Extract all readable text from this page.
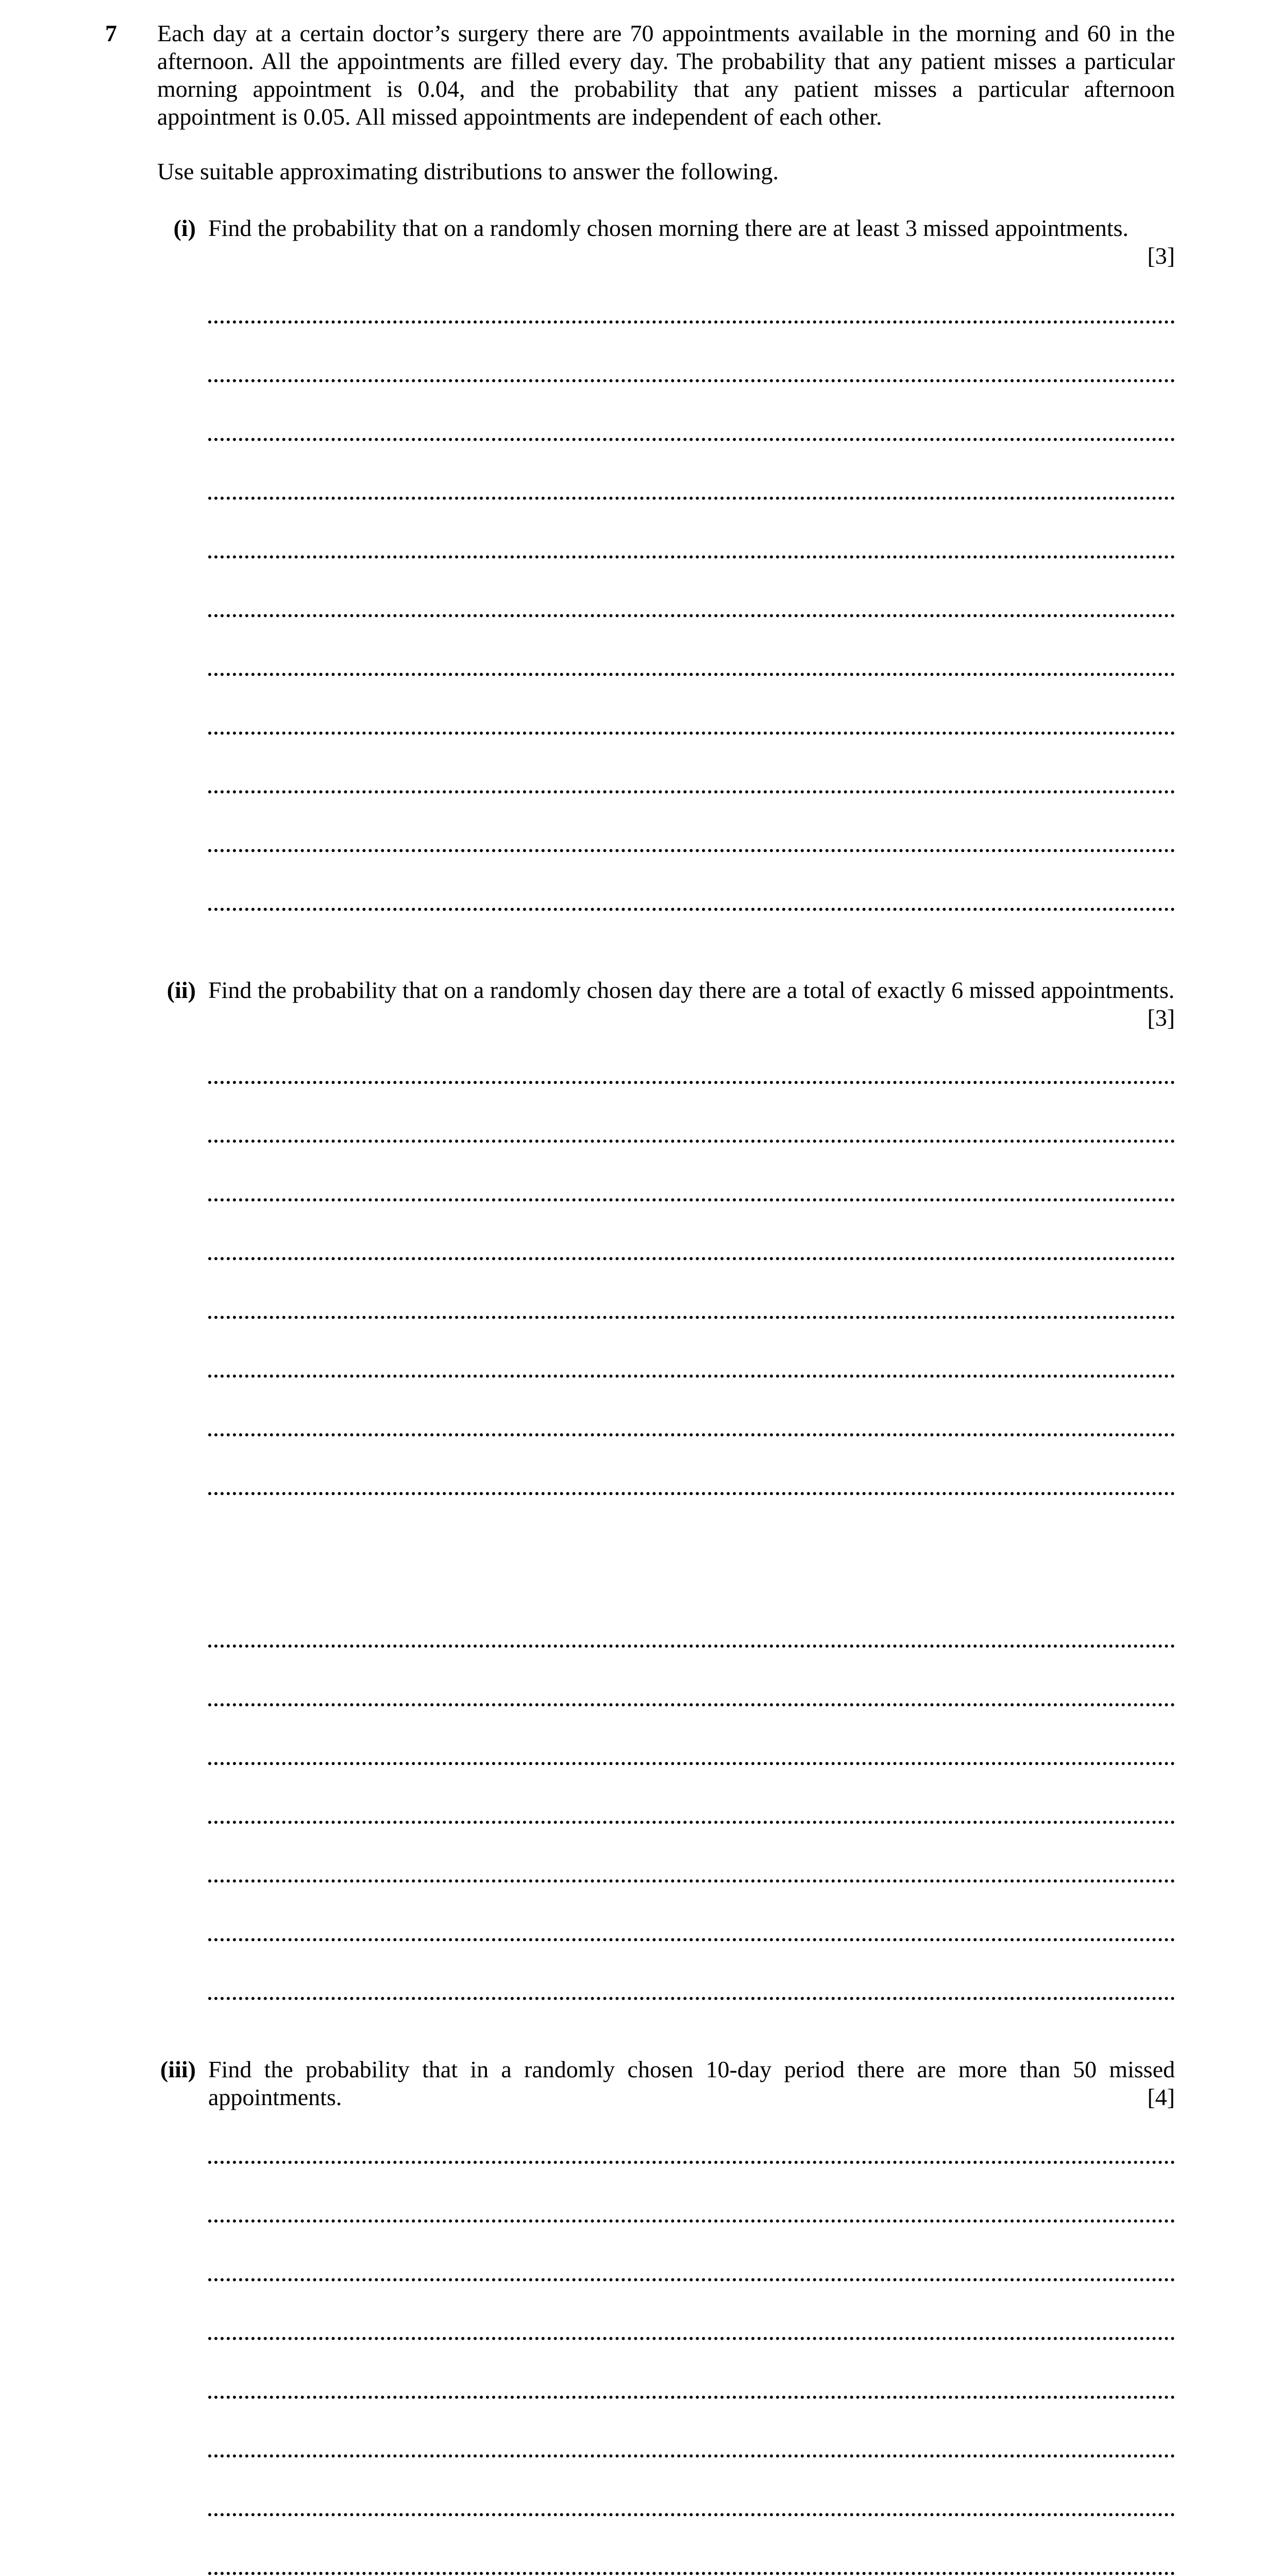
7 Each day at a certain doctor’s surgery there are 70 appointments available in the morning and 60 in the afternoon. All the appointments are filled every day. The probability that any patient misses a particular morning appointment is 0.04, and the probability that any patient misses a particular afternoon appointment is 0.05. All missed appointments are independent of each other.
Use suitable approximating distributions to answer the following.
(i) Find the probability that on a randomly chosen morning there are at least 3 missed appointments.
[3]
(ii) Find the probability that on a randomly chosen day there are a total of exactly 6 missed appointments.
[3]
(iii) Find the probability that in a randomly chosen 10-day period there are more than 50 missed appointments.	[4]
